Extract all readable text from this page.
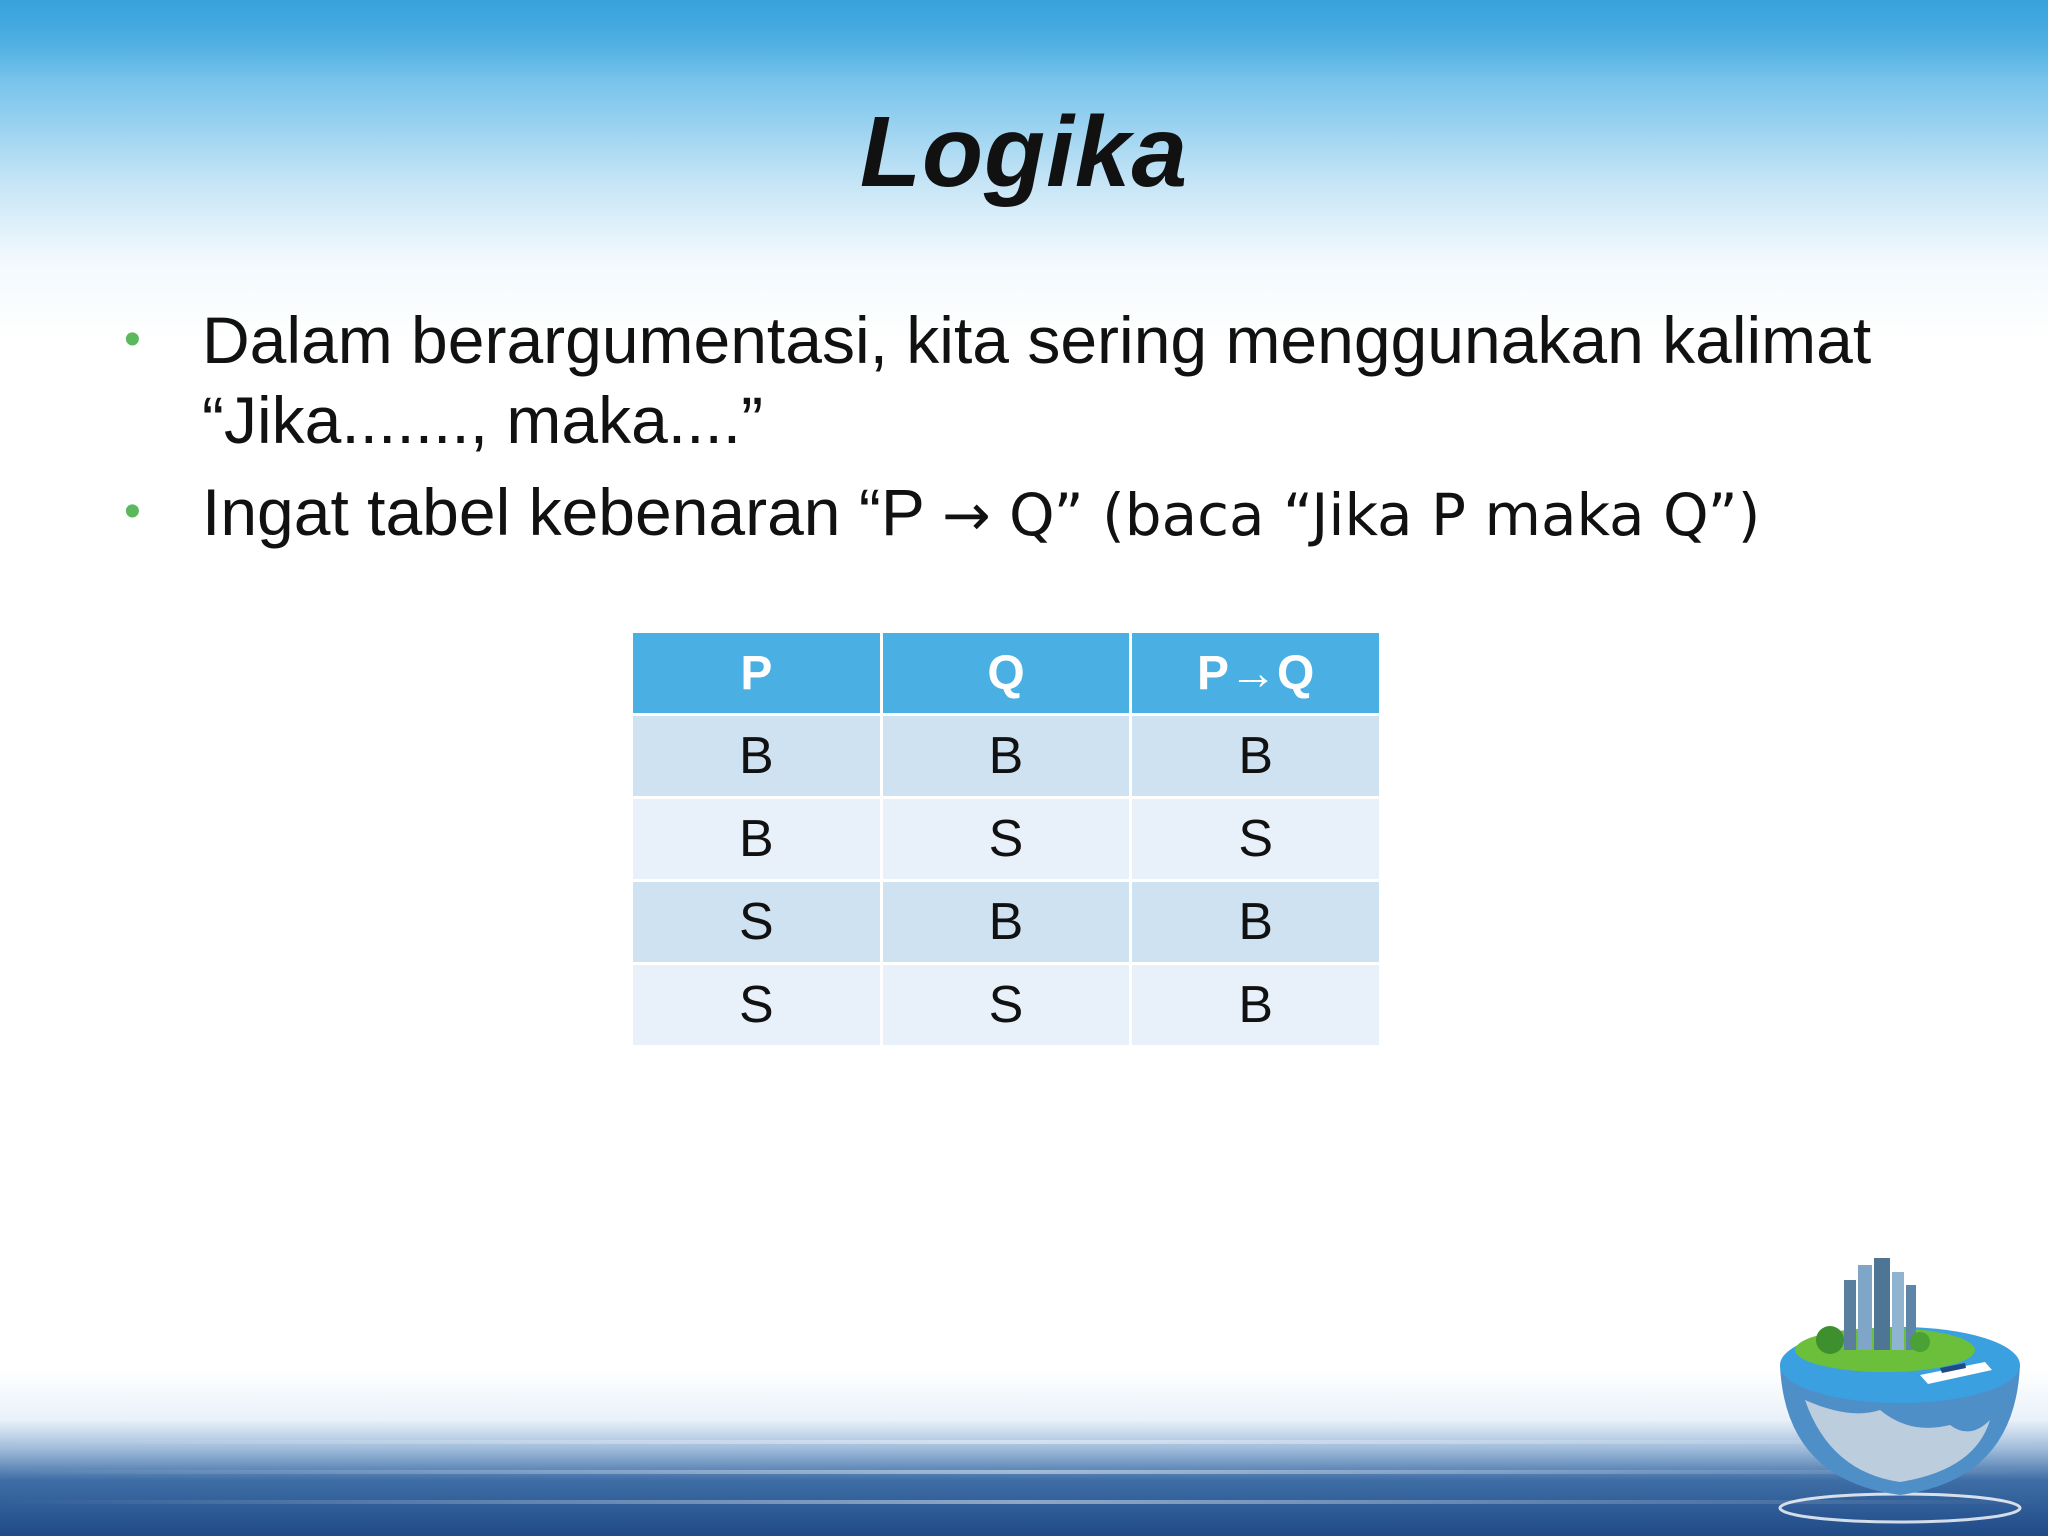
Logika
• Dalam berargumentasi, kita sering menggunakan kalimat “Jika......., maka....”
• Ingat tabel kebenaran “P → Q” (baca “Jika P maka Q”)
P	Q	P→Q
B	B	B
B	S	S
S	B	B
S	S	B
